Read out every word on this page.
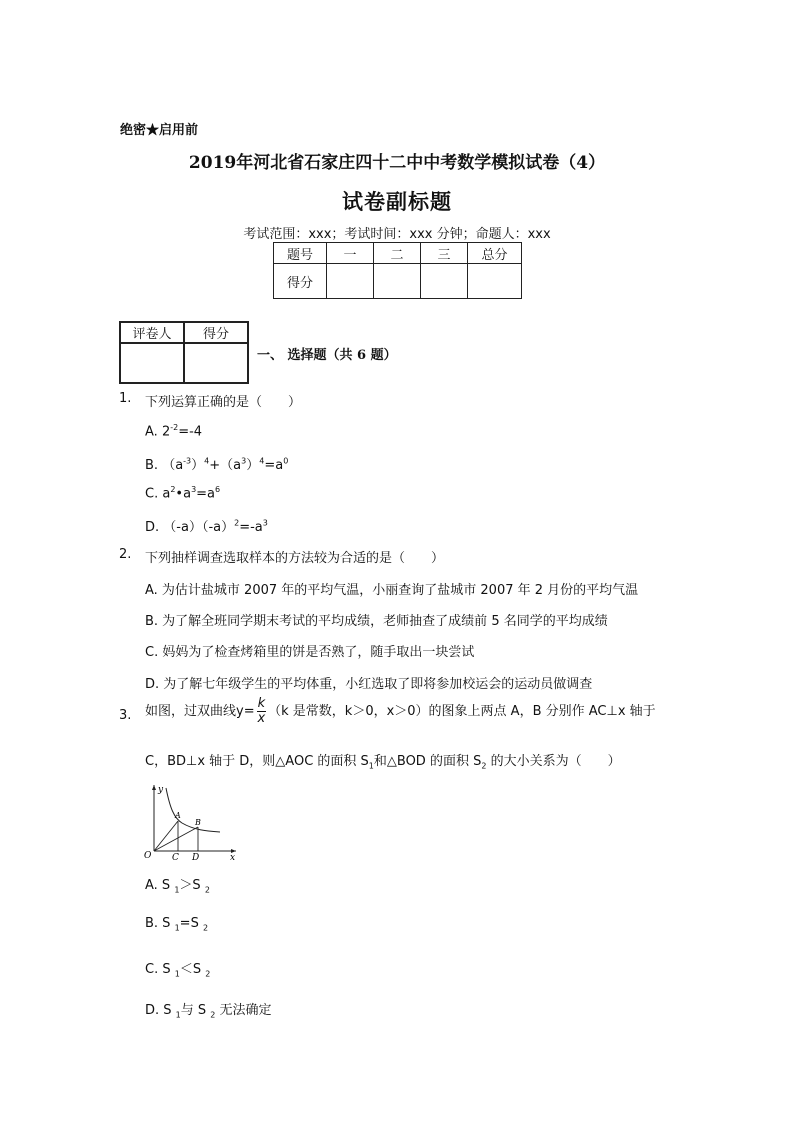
绝密★启用前
2019年河北省石家庄四十二中中考数学模拟试卷（4）
试卷副标题
考试范围：xxx；考试时间：xxx 分钟；命题人：xxx
题号	一	二	三	总分
得分				
评卷人	得分

一、 选择题（共 6 题）
1. 下列运算正确的是（　　）
A. $2^{-2}=-4$
B. $(a^{-3})^4+(a^3)^4=a^0$
C. $a^2•a^3=a^6$
D. $(-a)(-a)^2=-a^3$
2. 下列抽样调查选取样本的方法较为合适的是（　　）
A. 为估计盐城市 2007 年的平均气温，小丽查询了盐城市 2007 年 2 月份的平均气温
B. 为了解全班同学期末考试的平均成绩，老师抽查了成绩前 5 名同学的平均成绩
C. 妈妈为了检查烤箱里的饼是否熟了，随手取出一块尝试
D. 为了解七年级学生的平均体重，小红选取了即将参加校运会的运动员做调查
3. 如图，过双曲线$y= \frac{k}{x} (k$ 是常数，k＞0，x＞0）的图象上两点 A，B 分别作 AC⊥x 轴于
C，BD⊥x 轴于 D，则△AOC 的面积 $S_1$和△BOD 的面积 $S_2$ 的大小关系为（　　）
y
x
O
A
B
C D
A. S $_1$＞S $_2$
B. S $_1$=S $_2$
C. S $_1$＜S $_2$
D. S $_1$与 S $_2$ 无法确定
